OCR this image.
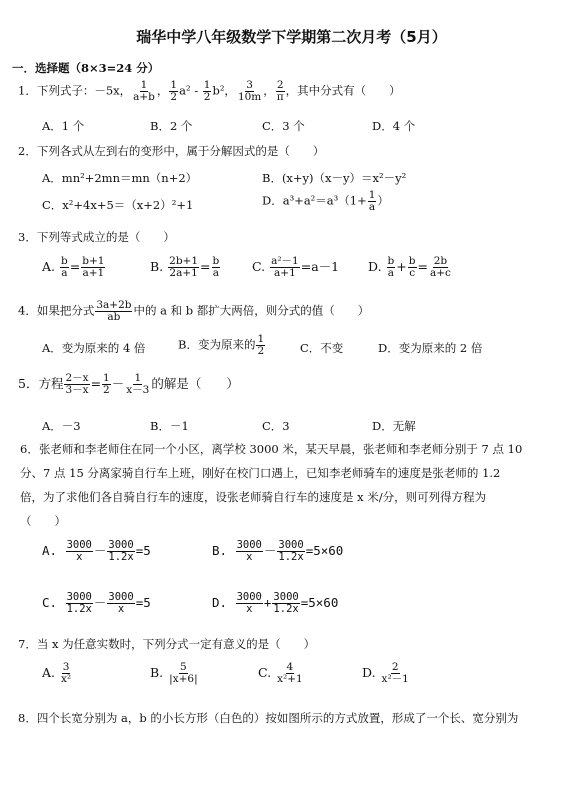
瑞华中学八年级数学下学期第二次月考（5月）
一．选择题（8×3=24 分）
1．下列式子：－5x， $\frac{1}{a+b}$ ， $\frac{1}{2} a^2 - \frac{1}{2} b^2$， $\frac{3}{10m}$ ， $\frac{2}{\pi}$ ，其中分式有（　　）
A．1 个	B．2 个	C．3 个	D．4 个
2．下列各式从左到右的变形中，属于分解因式的是（　　）
A．mn²+2mn＝mn（n+2）	B．(x+y)（x－y）＝x²－y²
C．x²+4x+5＝（x+2）²+1	D．$a^3+a^2=a^3(1+ \frac{1}{a}$ ）
3．下列等式成立的是（　　）
A. $\frac{b}{a} = \frac{b+1}{a+1}$	B. $\frac{2b+1}{2a+1} = \frac{b}{a}$	C. $\frac{\text{a²－1}}{a+1} =a-1$ D. $\frac{b}{a} + \frac{b}{c} = \frac{2b}{a+c}$
4．如果把分式 $\frac{3a+2b}{ab}$ 中的 a 和 b 都扩大两倍，则分式的值（　　）
A．变为原来的 4 倍	B．变为原来的 $\frac{1}{2}$	C．不变	D．变为原来的 2 倍
5．方程 $\frac{2-x}{3-x} = \frac{1}{2} - \frac{1}{x-3}$ 的解是（　　）
A．－3	B．－1	C．3	D．无解
6．张老师和李老师住在同一个小区，离学校 3000 米，某天早晨，张老师和李老师分别于 7 点 10
分、7 点 15 分离家骑自行车上班，刚好在校门口遇上，已知李老师骑车的速度是张老师的 1.2
倍，为了求他们各自骑自行车的速度，设张老师骑自行车的速度是 x 米/分，则可列得方程为
（　　）
A. $\frac{3000}{x} - \frac{3000}{1.2x} =5$	B. $\frac{3000}{x} - \frac{3000}{1.2x} =5\times 60$
C. $\frac{3000}{1.2x} - \frac{3000}{x} =5$	D. $\frac{3000}{x} + \frac{3000}{1.2x} =5\times 60$
7．当 x 为任意实数时，下列分式一定有意义的是（　　）
A. $\frac{3}{\text{x²}}$	B. $\frac{5}{|x+6|}$	C. $\frac{4}{\text{x²+1}}$	D. $\frac{2}{\text{x²－1}}$
8．四个长宽分别为 a，b 的小长方形（白色的）按如图所示的方式放置，形成了一个长、宽分别为
